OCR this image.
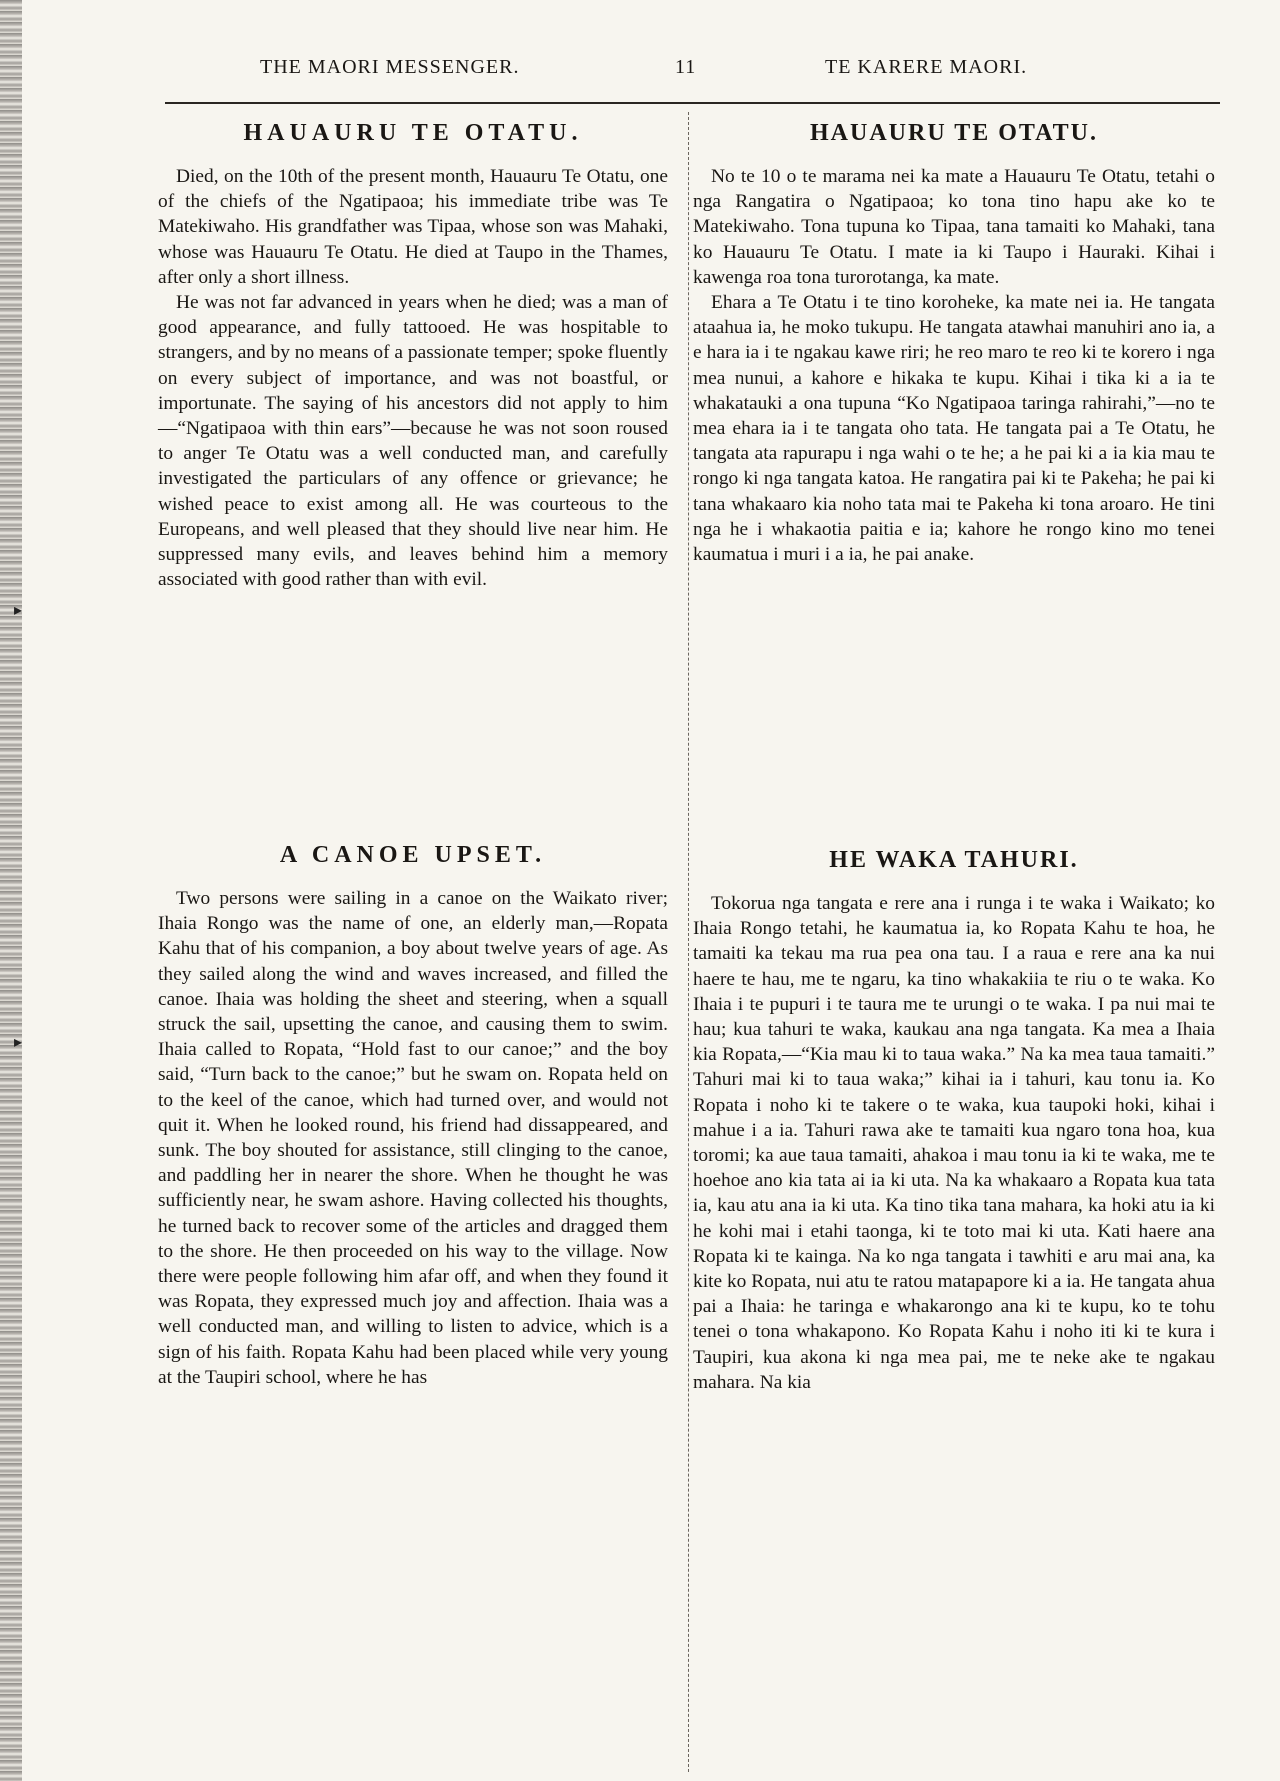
▸
▸
THE MAORI MESSENGER.	11	TE KARERE MAORI.
HAUAURU TE OTATU.

Died, on the 10th of the present month, Hauauru Te Otatu, one of the chiefs of the Ngatipaoa; his immediate tribe was Te Matekiwaho. His grandfather was Tipaa, whose son was Mahaki, whose was Hauauru Te Otatu. He died at Taupo in the Thames, after only a short illness.

He was not far advanced in years when he died; was a man of good appearance, and fully tattooed. He was hospitable to strangers, and by no means of a passionate temper; spoke fluently on every subject of importance, and was not boastful, or importunate. The saying of his ancestors did not apply to him—“Ngatipaoa with thin ears”—because he was not soon roused to anger Te Otatu was a well conducted man, and carefully investigated the particulars of any offence or grievance; he wished peace to exist among all. He was courteous to the Europeans, and well pleased that they should live near him. He suppressed many evils, and leaves behind him a memory associated with good rather than with evil.

A CANOE UPSET.

Two persons were sailing in a canoe on the Waikato river; Ihaia Rongo was the name of one, an elderly man,—Ropata Kahu that of his companion, a boy about twelve years of age. As they sailed along the wind and waves increased, and filled the canoe. Ihaia was holding the sheet and steering, when a squall struck the sail, upsetting the canoe, and causing them to swim. Ihaia called to Ropata, “Hold fast to our canoe;” and the boy said, “Turn back to the canoe;” but he swam on. Ropata held on to the keel of the canoe, which had turned over, and would not quit it. When he looked round, his friend had dissappeared, and sunk. The boy shouted for assistance, still clinging to the canoe, and paddling her in nearer the shore. When he thought he was sufficiently near, he swam ashore. Having collected his thoughts, he turned back to recover some of the articles and dragged them to the shore. He then proceeded on his way to the village. Now there were people following him afar off, and when they found it was Ropata, they expressed much joy and affection. Ihaia was a well conducted man, and willing to listen to advice, which is a sign of his faith. Ropata Kahu had been placed while very young at the Taupiri school, where he has

HAUAURU TE OTATU.

No te 10 o te marama nei ka mate a Hauauru Te Otatu, tetahi o nga Rangatira o Ngatipaoa; ko tona tino hapu ake ko te Matekiwaho. Tona tupuna ko Tipaa, tana tamaiti ko Mahaki, tana ko Hauauru Te Otatu. I mate ia ki Taupo i Hauraki. Kihai i kawenga roa tona turorotanga, ka mate.

Ehara a Te Otatu i te tino koroheke, ka mate nei ia. He tangata ataahua ia, he moko tukupu. He tangata atawhai manuhiri ano ia, a e hara ia i te ngakau kawe riri; he reo maro te reo ki te korero i nga mea nunui, a kahore e hikaka te kupu. Kihai i tika ki a ia te whakatauki a ona tupuna “Ko Ngatipaoa taringa rahirahi,”—no te mea ehara ia i te tangata oho tata. He tangata pai a Te Otatu, he tangata ata rapurapu i nga wahi o te he; a he pai ki a ia kia mau te rongo ki nga tangata katoa. He rangatira pai ki te Pakeha; he pai ki tana whakaaro kia noho tata mai te Pakeha ki tona aroaro. He tini nga he i whakaotia paitia e ia; kahore he rongo kino mo tenei kaumatua i muri i a ia, he pai anake.

HE WAKA TAHURI.

Tokorua nga tangata e rere ana i runga i te waka i Waikato; ko Ihaia Rongo tetahi, he kaumatua ia, ko Ropata Kahu te hoa, he tamaiti ka tekau ma rua pea ona tau. I a raua e rere ana ka nui haere te hau, me te ngaru, ka tino whakakiia te riu o te waka. Ko Ihaia i te pupuri i te taura me te urungi o te waka. I pa nui mai te hau; kua tahuri te waka, kaukau ana nga tangata. Ka mea a Ihaia kia Ropata,—“Kia mau ki to taua waka.” Na ka mea taua tamaiti.” Tahuri mai ki to taua waka;” kihai ia i tahuri, kau tonu ia. Ko Ropata i noho ki te takere o te waka, kua taupoki hoki, kihai i mahue i a ia. Tahuri rawa ake te tamaiti kua ngaro tona hoa, kua toromi; ka aue taua tamaiti, ahakoa i mau tonu ia ki te waka, me te hoehoe ano kia tata ai ia ki uta. Na ka whakaaro a Ropata kua tata ia, kau atu ana ia ki uta. Ka tino tika tana mahara, ka hoki atu ia ki he kohi mai i etahi taonga, ki te toto mai ki uta. Kati haere ana Ropata ki te kainga. Na ko nga tangata i tawhiti e aru mai ana, ka kite ko Ropata, nui atu te ratou matapapore ki a ia. He tangata ahua pai a Ihaia: he taringa e whakarongo ana ki te kupu, ko te tohu tenei o tona whakapono. Ko Ropata Kahu i noho iti ki te kura i Taupiri, kua akona ki nga mea pai, me te neke ake te ngakau mahara. Na kia
